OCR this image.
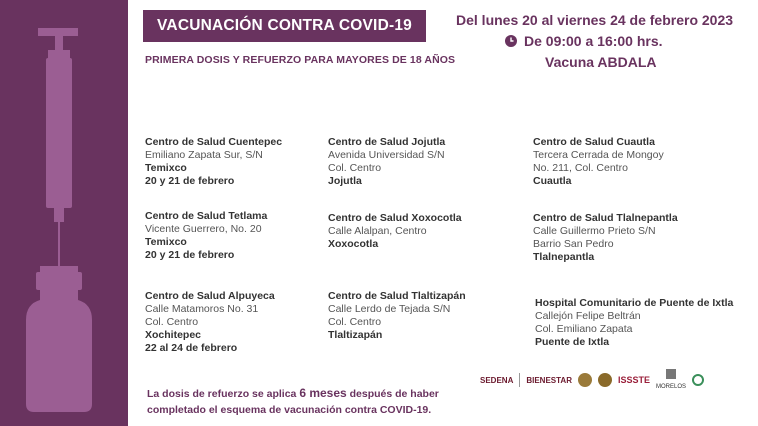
VACUNACIÓN CONTRA COVID-19
PRIMERA DOSIS Y REFUERZO PARA MAYORES DE 18 AÑOS
Del lunes 20 al viernes 24 de febrero 2023
De 09:00 a 16:00 hrs.
Vacuna ABDALA
Centro de Salud Cuentepec
Emiliano Zapata Sur, S/N
Temixco
20 y 21 de febrero
Centro de Salud Jojutla
Avenida Universidad S/N
Col. Centro
Jojutla
Centro de Salud Cuautla
Tercera Cerrada de Mongoy
No. 211, Col. Centro
Cuautla
Centro de Salud Tetlama
Vicente Guerrero, No. 20
Temixco
20 y 21 de febrero
Centro de Salud Xoxocotla
Calle Alalpan, Centro
Xoxocotla
Centro de Salud Tlalnepantla
Calle Guillermo Prieto S/N
Barrio San Pedro
Tlalnepantla
Centro de Salud Alpuyeca
Calle Matamoros No. 31
Col. Centro
Xochitepec
22 al 24 de febrero
Centro de Salud Tlaltizapán
Calle Lerdo de Tejada S/N
Col. Centro
Tlaltizapán
Hospital Comunitario de Puente de Ixtla
Callejón Felipe Beltrán
Col. Emiliano Zapata
Puente de Ixtla
La dosis de refuerzo se aplica 6 meses después de haber
completado el esquema de vacunación contra COVID-19.
SEDENA BIENESTAR	ISSSTE
MORELOS
